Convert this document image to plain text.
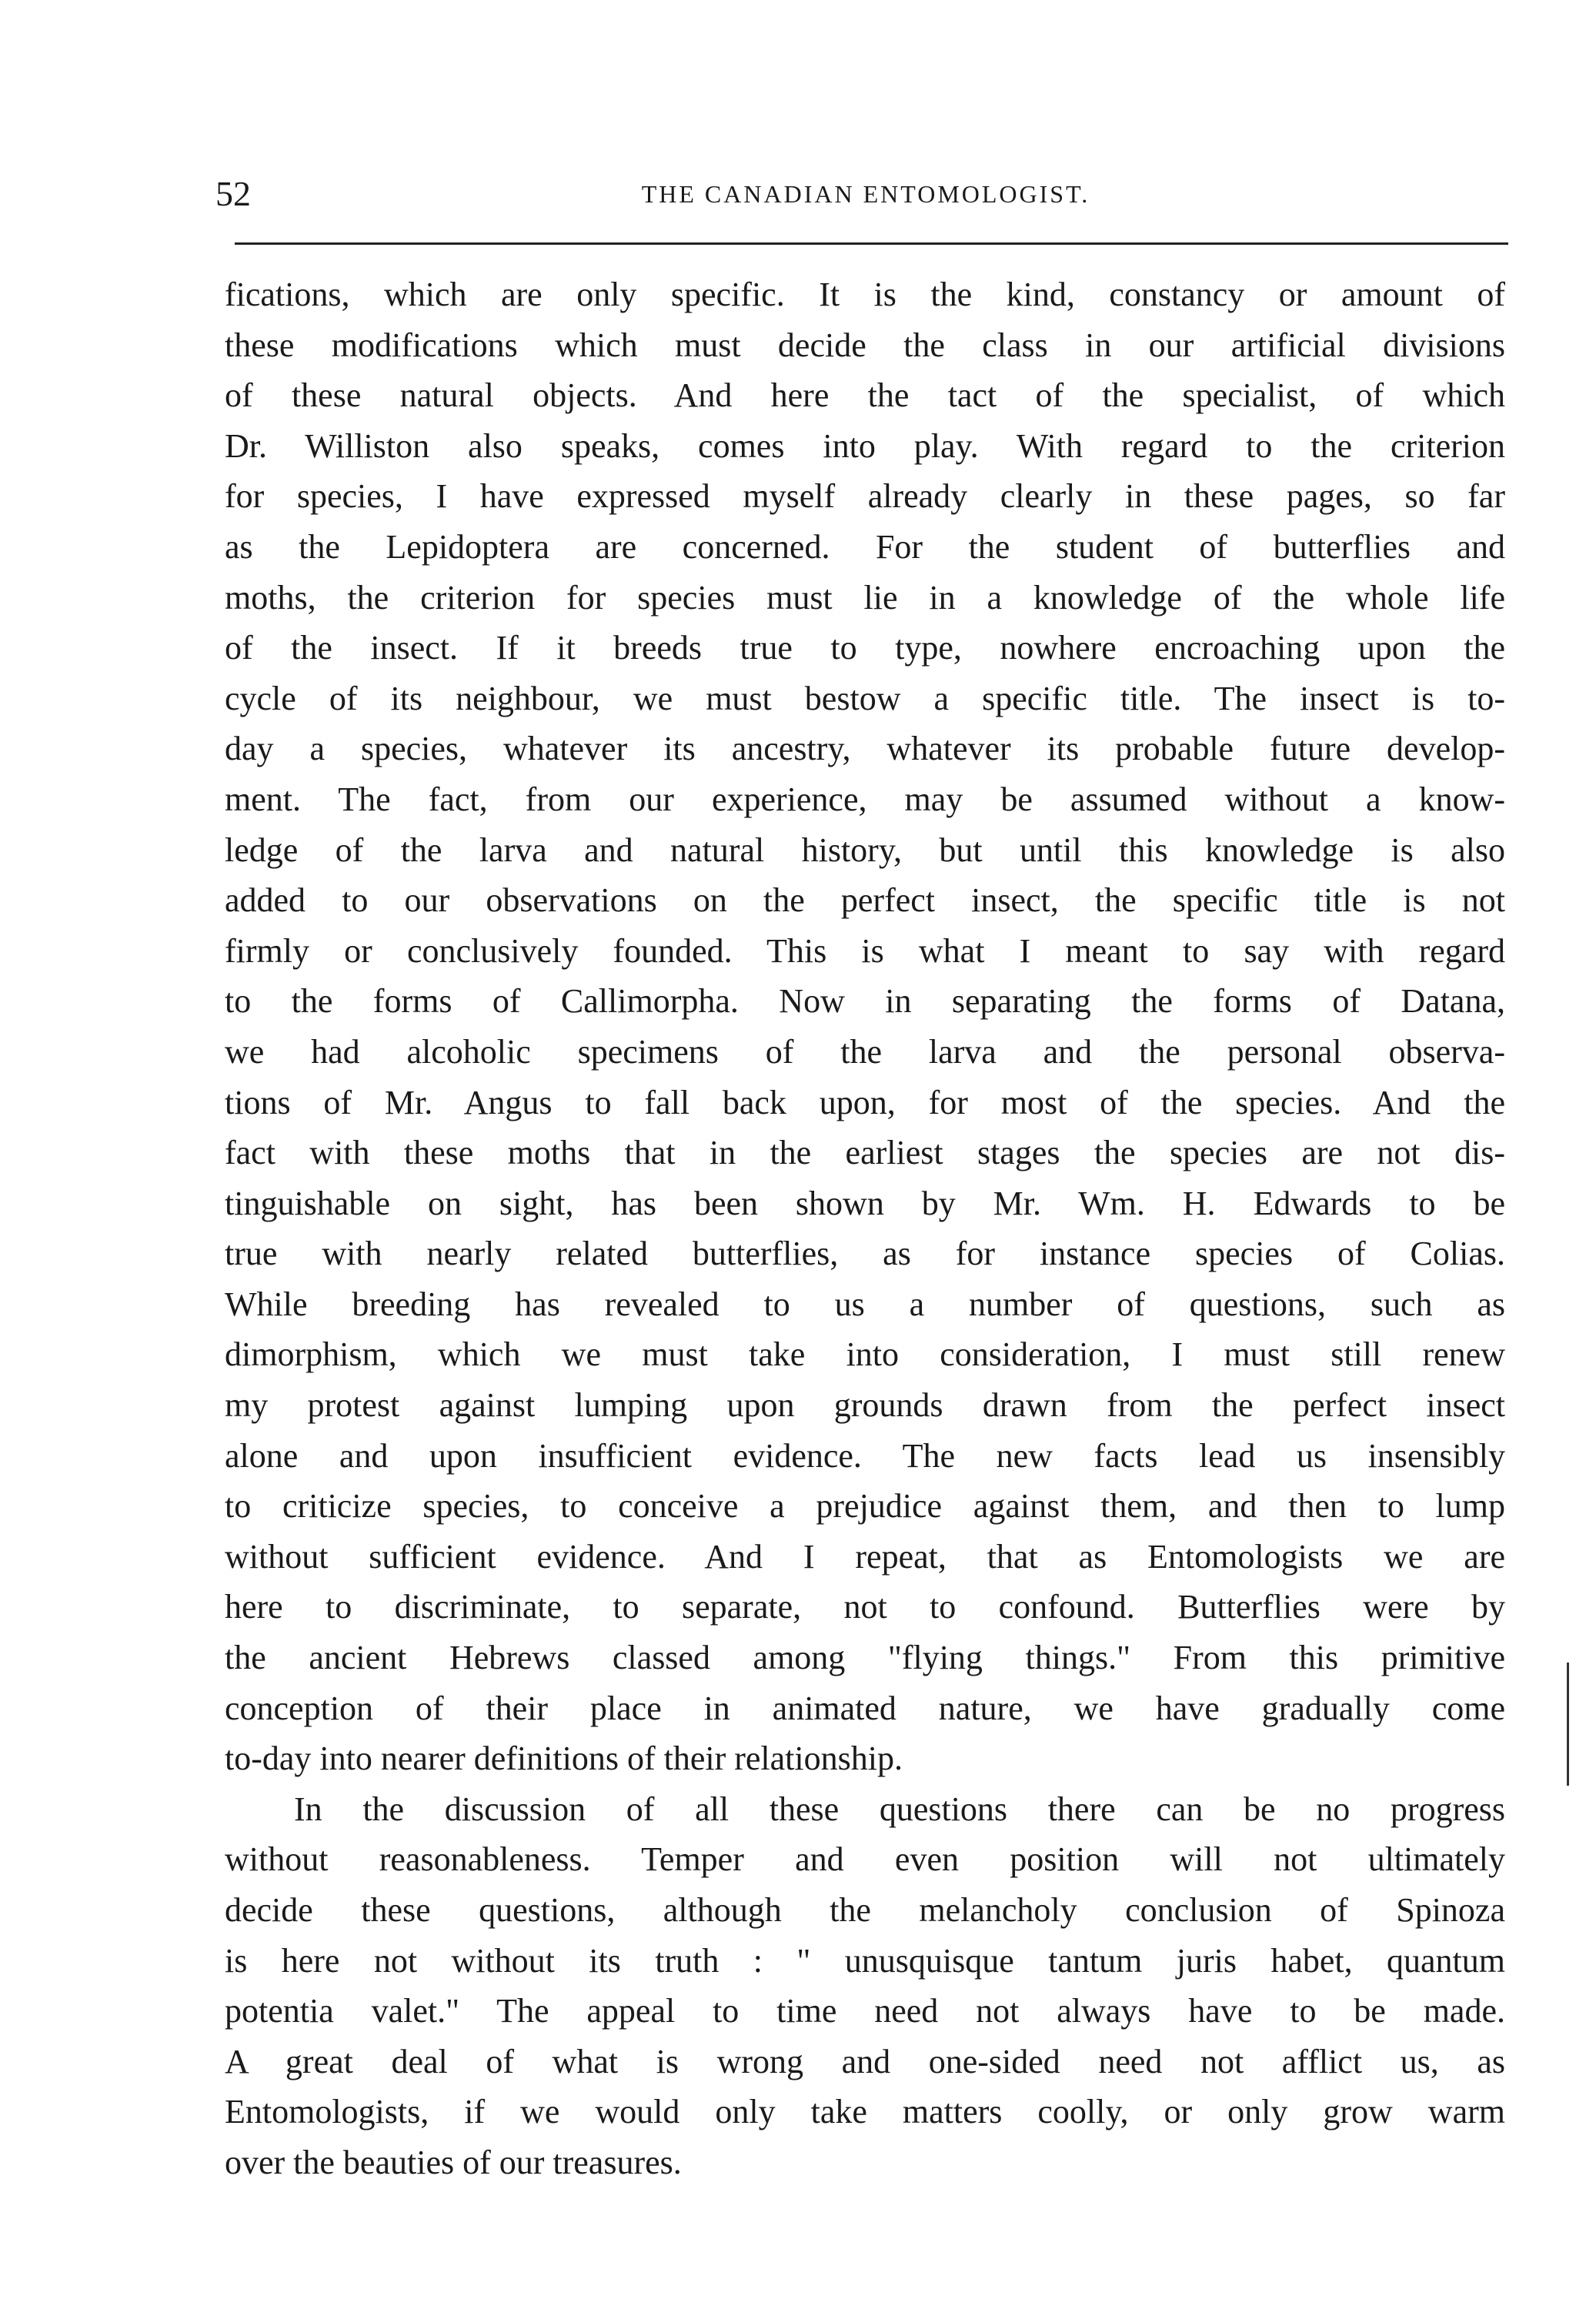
52	THE CANADIAN ENTOMOLOGIST.
fications, which are only specific. It is the kind, constancy or amount of
these modifications which must decide the class in our artificial divisions
of these natural objects. And here the tact of the specialist, of which
Dr. Williston also speaks, comes into play. With regard to the criterion
for species, I have expressed myself already clearly in these pages, so far
as the Lepidoptera are concerned. For the student of butterflies and
moths, the criterion for species must lie in a knowledge of the whole life
of the insect. If it breeds true to type, nowhere encroaching upon the
cycle of its neighbour, we must bestow a specific title. The insect is to-
day a species, whatever its ancestry, whatever its probable future develop-
ment. The fact, from our experience, may be assumed without a know-
ledge of the larva and natural history, but until this knowledge is also
added to our observations on the perfect insect, the specific title is not
firmly or conclusively founded. This is what I meant to say with regard
to the forms of Callimorpha. Now in separating the forms of Datana,
we had alcoholic specimens of the larva and the personal observa-
tions of Mr. Angus to fall back upon, for most of the species. And the
fact with these moths that in the earliest stages the species are not dis-
tinguishable on sight, has been shown by Mr. Wm. H. Edwards to be
true with nearly related butterflies, as for instance species of Colias.
While breeding has revealed to us a number of questions, such as
dimorphism, which we must take into consideration, I must still renew
my protest against lumping upon grounds drawn from the perfect insect
alone and upon insufficient evidence. The new facts lead us insensibly
to criticize species, to conceive a prejudice against them, and then to lump
without sufficient evidence. And I repeat, that as Entomologists we are
here to discriminate, to separate, not to confound. Butterflies were by
the ancient Hebrews classed among "flying things." From this primitive
conception of their place in animated nature, we have gradually come
to-day into nearer definitions of their relationship.
In the discussion of all these questions there can be no progress
without reasonableness. Temper and even position will not ultimately
decide these questions, although the melancholy conclusion of Spinoza
is here not without its truth : " unusquisque tantum juris habet, quantum
potentia valet." The appeal to time need not always have to be made.
A great deal of what is wrong and one-sided need not afflict us, as
Entomologists, if we would only take matters coolly, or only grow warm
over the beauties of our treasures.
